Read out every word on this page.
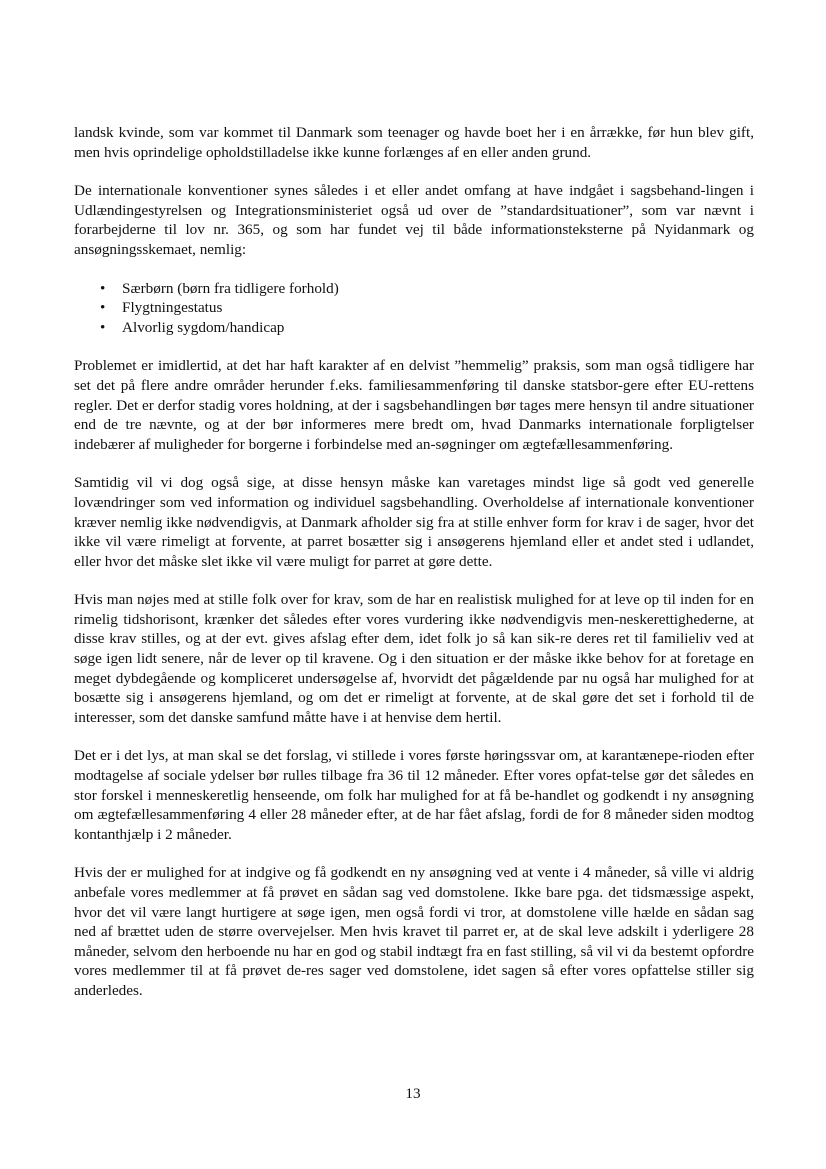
landsk kvinde, som var kommet til Danmark som teenager og havde boet her i en årrække, før hun blev gift, men hvis oprindelige opholdstilladelse ikke kunne forlænges af en eller anden grund.

De internationale konventioner synes således i et eller andet omfang at have indgået i sagsbehand-lingen i Udlændingestyrelsen og Integrationsministeriet også ud over de ”standardsituationer”, som var nævnt i forarbejderne til lov nr. 365, og som har fundet vej til både informationsteksterne på Nyidanmark og ansøgningsskemaet, nemlig:

• Særbørn (børn fra tidligere forhold)
• Flygtningestatus
• Alvorlig sygdom/handicap

Problemet er imidlertid, at det har haft karakter af en delvist ”hemmelig” praksis, som man også tidligere har set det på flere andre områder herunder f.eks. familiesammenføring til danske statsbor-gere efter EU-rettens regler. Det er derfor stadig vores holdning, at der i sagsbehandlingen bør tages mere hensyn til andre situationer end de tre nævnte, og at der bør informeres mere bredt om, hvad Danmarks internationale forpligtelser indebærer af muligheder for borgerne i forbindelse med an-søgninger om ægtefællesammenføring.

Samtidig vil vi dog også sige, at disse hensyn måske kan varetages mindst lige så godt ved generelle lovændringer som ved information og individuel sagsbehandling. Overholdelse af internationale konventioner kræver nemlig ikke nødvendigvis, at Danmark afholder sig fra at stille enhver form for krav i de sager, hvor det ikke vil være rimeligt at forvente, at parret bosætter sig i ansøgerens hjemland eller et andet sted i udlandet, eller hvor det måske slet ikke vil være muligt for parret at gøre dette.

Hvis man nøjes med at stille folk over for krav, som de har en realistisk mulighed for at leve op til inden for en rimelig tidshorisont, krænker det således efter vores vurdering ikke nødvendigvis men-neskerettighederne, at disse krav stilles, og at der evt. gives afslag efter dem, idet folk jo så kan sik-re deres ret til familieliv ved at søge igen lidt senere, når de lever op til kravene. Og i den situation er der måske ikke behov for at foretage en meget dybdegående og kompliceret undersøgelse af, hvorvidt det pågældende par nu også har mulighed for at bosætte sig i ansøgerens hjemland, og om det er rimeligt at forvente, at de skal gøre det set i forhold til de interesser, som det danske samfund måtte have i at henvise dem hertil.

Det er i det lys, at man skal se det forslag, vi stillede i vores første høringssvar om, at karantænepe-rioden efter modtagelse af sociale ydelser bør rulles tilbage fra 36 til 12 måneder. Efter vores opfat-telse gør det således en stor forskel i menneskeretlig henseende, om folk har mulighed for at få be-handlet og godkendt i ny ansøgning om ægtefællesammenføring 4 eller 28 måneder efter, at de har fået afslag, fordi de for 8 måneder siden modtog kontanthjælp i 2 måneder.

Hvis der er mulighed for at indgive og få godkendt en ny ansøgning ved at vente i 4 måneder, så ville vi aldrig anbefale vores medlemmer at få prøvet en sådan sag ved domstolene. Ikke bare pga. det tidsmæssige aspekt, hvor det vil være langt hurtigere at søge igen, men også fordi vi tror, at domstolene ville hælde en sådan sag ned af brættet uden de større overvejelser. Men hvis kravet til parret er, at de skal leve adskilt i yderligere 28 måneder, selvom den herboende nu har en god og stabil indtægt fra en fast stilling, så vil vi da bestemt opfordre vores medlemmer til at få prøvet de-res sager ved domstolene, idet sagen så efter vores opfattelse stiller sig anderledes.

13
